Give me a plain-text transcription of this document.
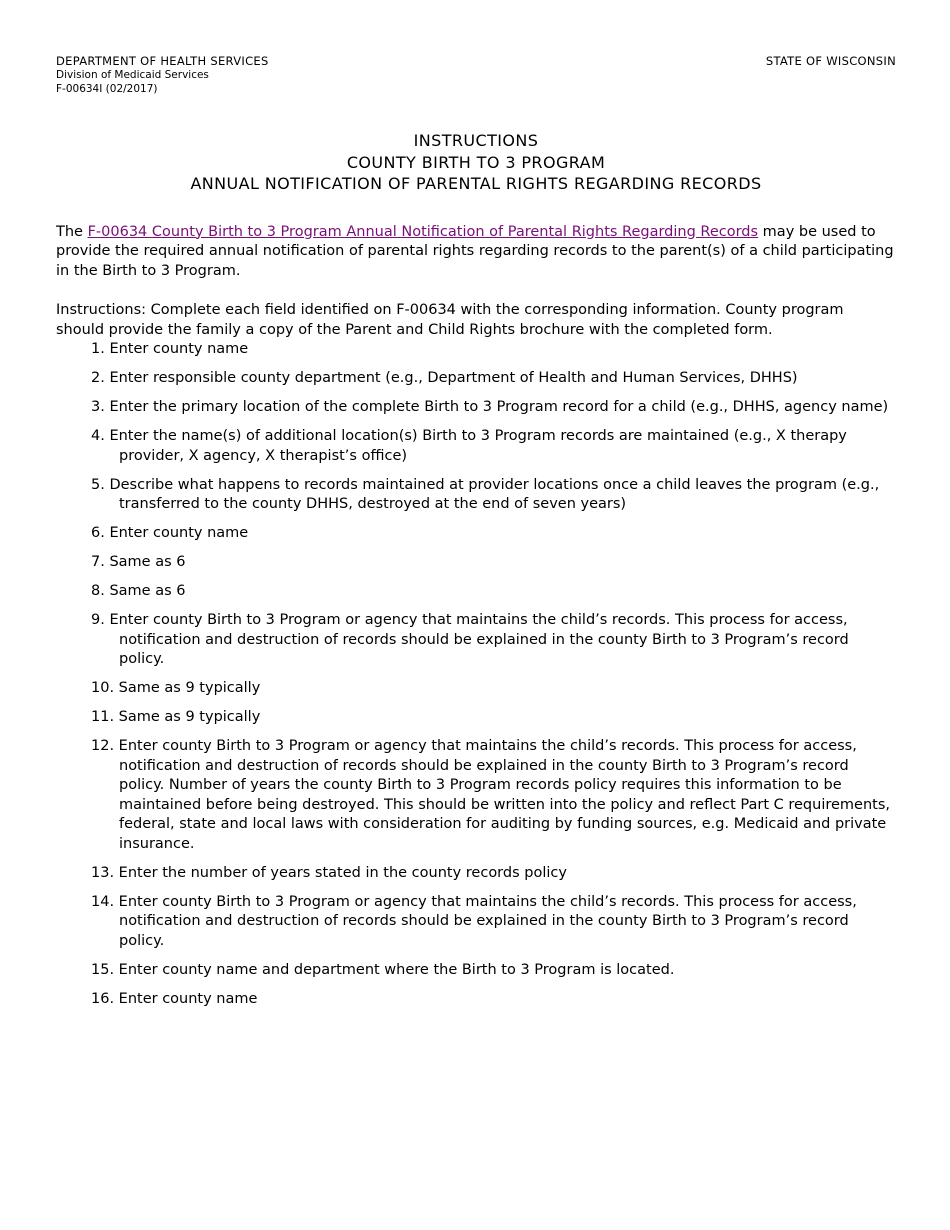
DEPARTMENT OF HEALTH SERVICES
Division of Medicaid Services
F-00634I (02/2017)
STATE OF WISCONSIN
INSTRUCTIONS
COUNTY BIRTH TO 3 PROGRAM
ANNUAL NOTIFICATION OF PARENTAL RIGHTS REGARDING RECORDS
The F-00634 County Birth to 3 Program Annual Notification of Parental Rights Regarding Records may be used to provide the required annual notification of parental rights regarding records to the parent(s) of a child participating in the Birth to 3 Program.
Instructions: Complete each field identified on F-00634 with the corresponding information. County program should provide the family a copy of the Parent and Child Rights brochure with the completed form.
1. Enter county name
2. Enter responsible county department (e.g., Department of Health and Human Services, DHHS)
3. Enter the primary location of the complete Birth to 3 Program record for a child (e.g., DHHS, agency name)
4. Enter the name(s) of additional location(s) Birth to 3 Program records are maintained (e.g., X therapy provider, X agency, X therapist’s office)
5. Describe what happens to records maintained at provider locations once a child leaves the program (e.g., transferred to the county DHHS, destroyed at the end of seven years)
6. Enter county name
7. Same as 6
8. Same as 6
9. Enter county Birth to 3 Program or agency that maintains the child’s records. This process for access, notification and destruction of records should be explained in the county Birth to 3 Program’s record policy.
10. Same as 9 typically
11. Same as 9 typically
12. Enter county Birth to 3 Program or agency that maintains the child’s records. This process for access, notification and destruction of records should be explained in the county Birth to 3 Program’s record policy. Number of years the county Birth to 3 Program records policy requires this information to be maintained before being destroyed. This should be written into the policy and reflect Part C requirements, federal, state and local laws with consideration for auditing by funding sources, e.g. Medicaid and private insurance.
13. Enter the number of years stated in the county records policy
14. Enter county Birth to 3 Program or agency that maintains the child’s records. This process for access, notification and destruction of records should be explained in the county Birth to 3 Program’s record policy.
15. Enter county name and department where the Birth to 3 Program is located.
16. Enter county name
